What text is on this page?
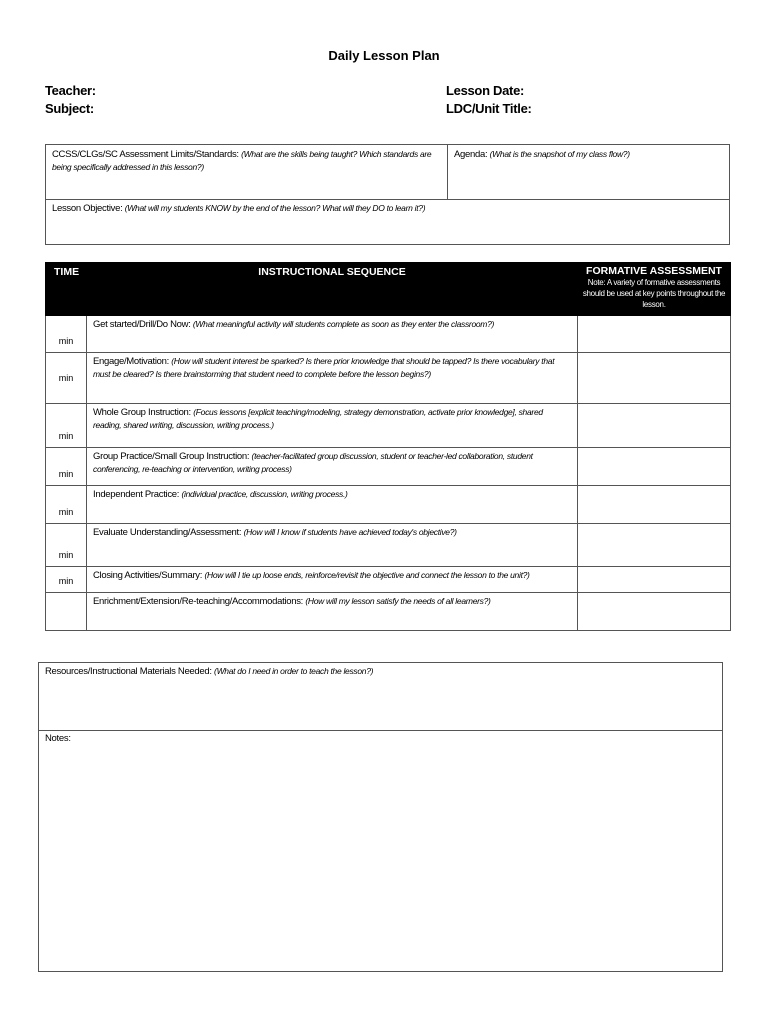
Daily Lesson Plan
Teacher:
Subject:
Lesson Date:
LDC/Unit Title:
CCSS/CLGs/SC Assessment Limits/Standards: (What are the skills being taught? Which standards are being specifically addressed in this lesson?)
Agenda: (What is the snapshot of my class flow?)
Lesson Objective: (What will my students KNOW by the end of the lesson? What will they DO to learn it?)
TIME	INSTRUCTIONAL SEQUENCE	FORMATIVE ASSESSMENT
Note: A variety of formative assessments should be used at key points throughout the lesson.

min	Get started/Drill/Do Now: (What meaningful activity will students complete as soon as they enter the classroom?)	
min	Engage/Motivation: (How will student interest be sparked? Is there prior knowledge that should be tapped? Is there vocabulary that must be cleared? Is there brainstorming that student need to complete before the lesson begins?)	
min	Whole Group Instruction: (Focus lessons [explicit teaching/modeling, strategy demonstration, activate prior knowledge], shared reading, shared writing, discussion, writing process.)	
min	Group Practice/Small Group Instruction: (teacher-facilitated group discussion, student or teacher-led collaboration, student conferencing, re-teaching or intervention, writing process)	
min	Independent Practice: (individual practice, discussion, writing process.)	
min	Evaluate Understanding/Assessment: (How will I know if students have achieved today's objective?)	
min	Closing Activities/Summary: (How will I tie up loose ends, reinforce/revisit the objective and connect the lesson to the unit?)	
	Enrichment/Extension/Re-teaching/Accommodations: (How will my lesson satisfy the needs of all learners?)	
Resources/Instructional Materials Needed: (What do I need in order to teach the lesson?)
Notes:
